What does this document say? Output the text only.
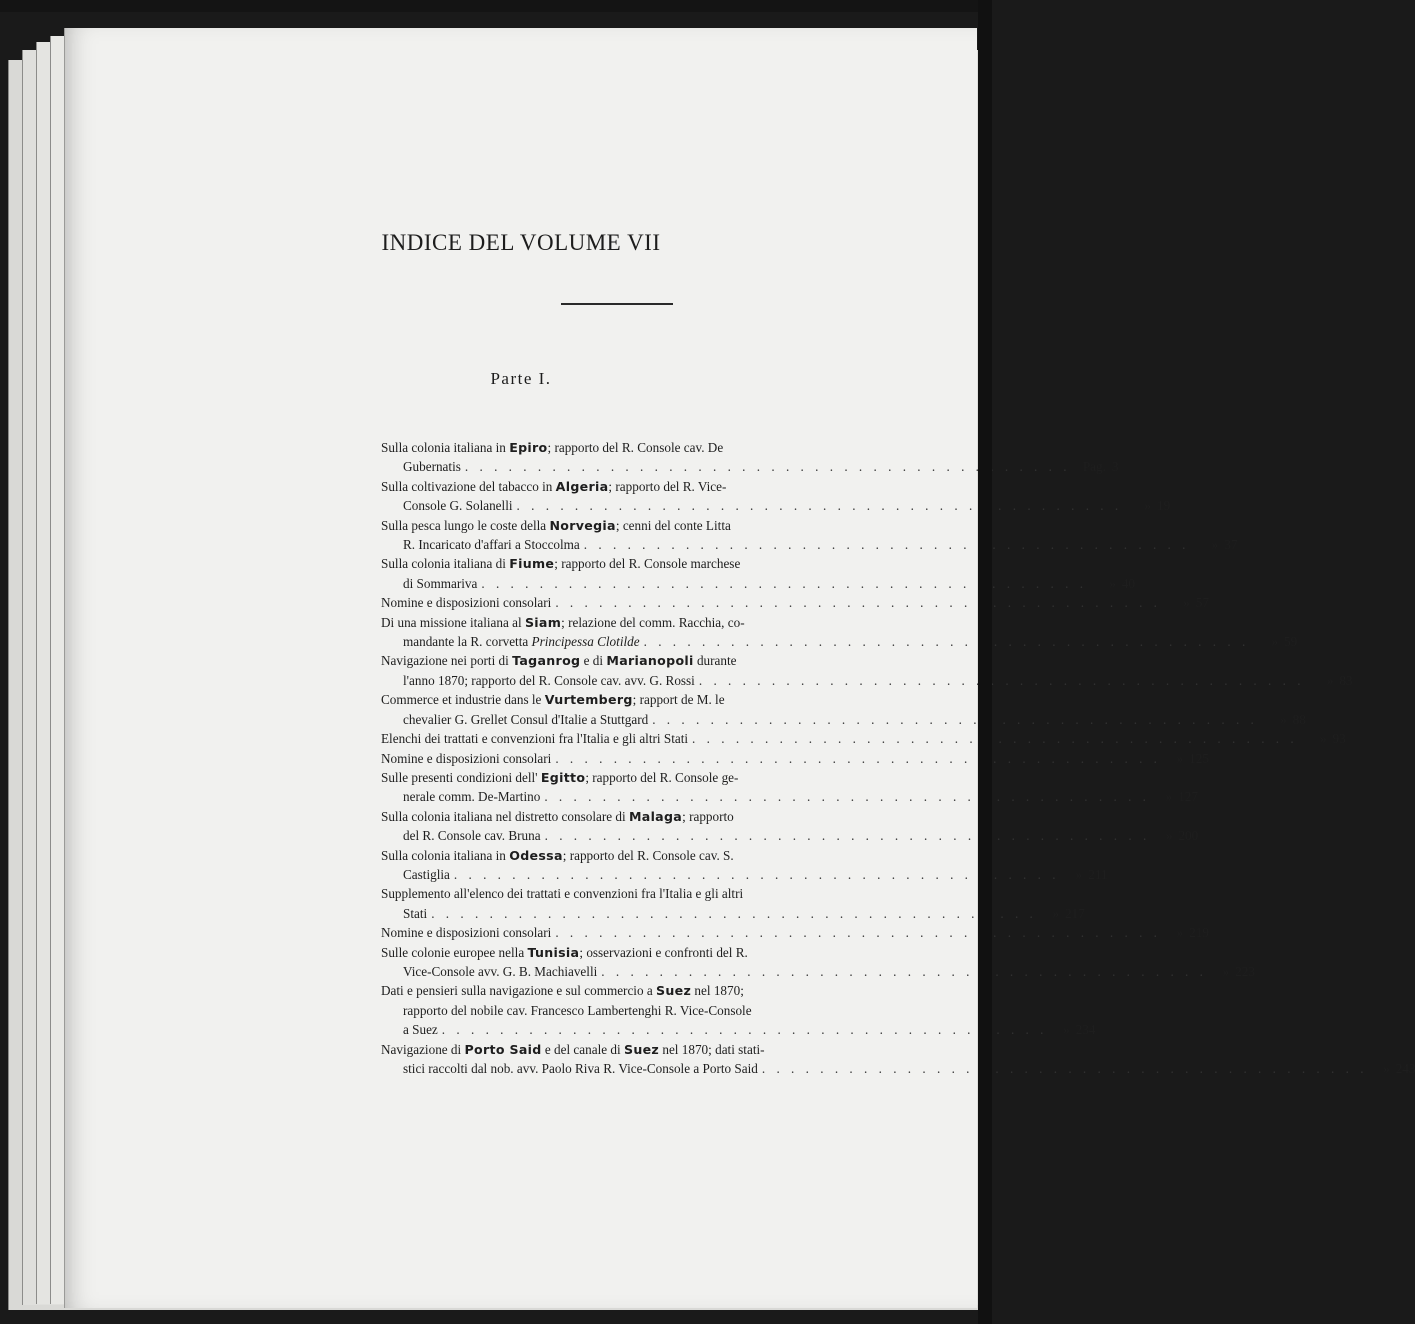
INDICE DEL VOLUME VII
Parte I.
Sulla colonia italiana in Epiro; rapporto del R. Console cav. De
Gubernatis . . .	Pag. 3
Sulla coltivazione del tabacco in Algeria; rapporto del R. Vice-
Console G. Solanelli . . .	» 19
Sulla pesca lungo le coste della Norvegia; cenni del conte Litta
R. Incaricato d'affari a Stoccolma . . .	» 37
Sulla colonia italiana di Fiume; rapporto del R. Console marchese
di Sommariva . . .	» 40
Nomine e disposizioni consolari . . .	» 57
Di una missione italiana al Siam; relazione del comm. Racchia, co-
mandante la R. corvetta Principessa Clotilde . . .	» 59
Navigazione nei porti di Taganrog e di Marianopoli durante
l'anno 1870; rapporto del R. Console cav. avv. G. Rossi . . .	» 83
Commerce et industrie dans le Vurtemberg; rapport de M. le
chevalier G. Grellet Consul d'Italie a Stuttgard . . .	» 88
Elenchi dei trattati e convenzioni fra l'Italia e gli altri Stati . . .	» 93
Nomine e disposizioni consolari . . .	» 125
Sulle presenti condizioni dell' Egitto; rapporto del R. Console ge-
nerale comm. De-Martino . . .	» 127
Sulla colonia italiana nel distretto consolare di Malaga; rapporto
del R. Console cav. Bruna . . .	» 200
Sulla colonia italiana in Odessa; rapporto del R. Console cav. S.
Castiglia . . .	» 211
Supplemento all'elenco dei trattati e convenzioni fra l'Italia e gli altri
Stati . . .	» 217
Nomine e disposizioni consolari . . .	» 219
Sulle colonie europee nella Tunisia; osservazioni e confronti del R.
Vice-Console avv. G. B. Machiavelli . . .	» 223
Dati e pensieri sulla navigazione e sul commercio a Suez nel 1870;
rapporto del nobile cav. Francesco Lambertenghi R. Vice-Console
a Suez . . .	» 234
Navigazione di Porto Said e del canale di Suez nel 1870; dati stati-
stici raccolti dal nob. avv. Paolo Riva R. Vice-Console a Porto Said . . .	» 243
